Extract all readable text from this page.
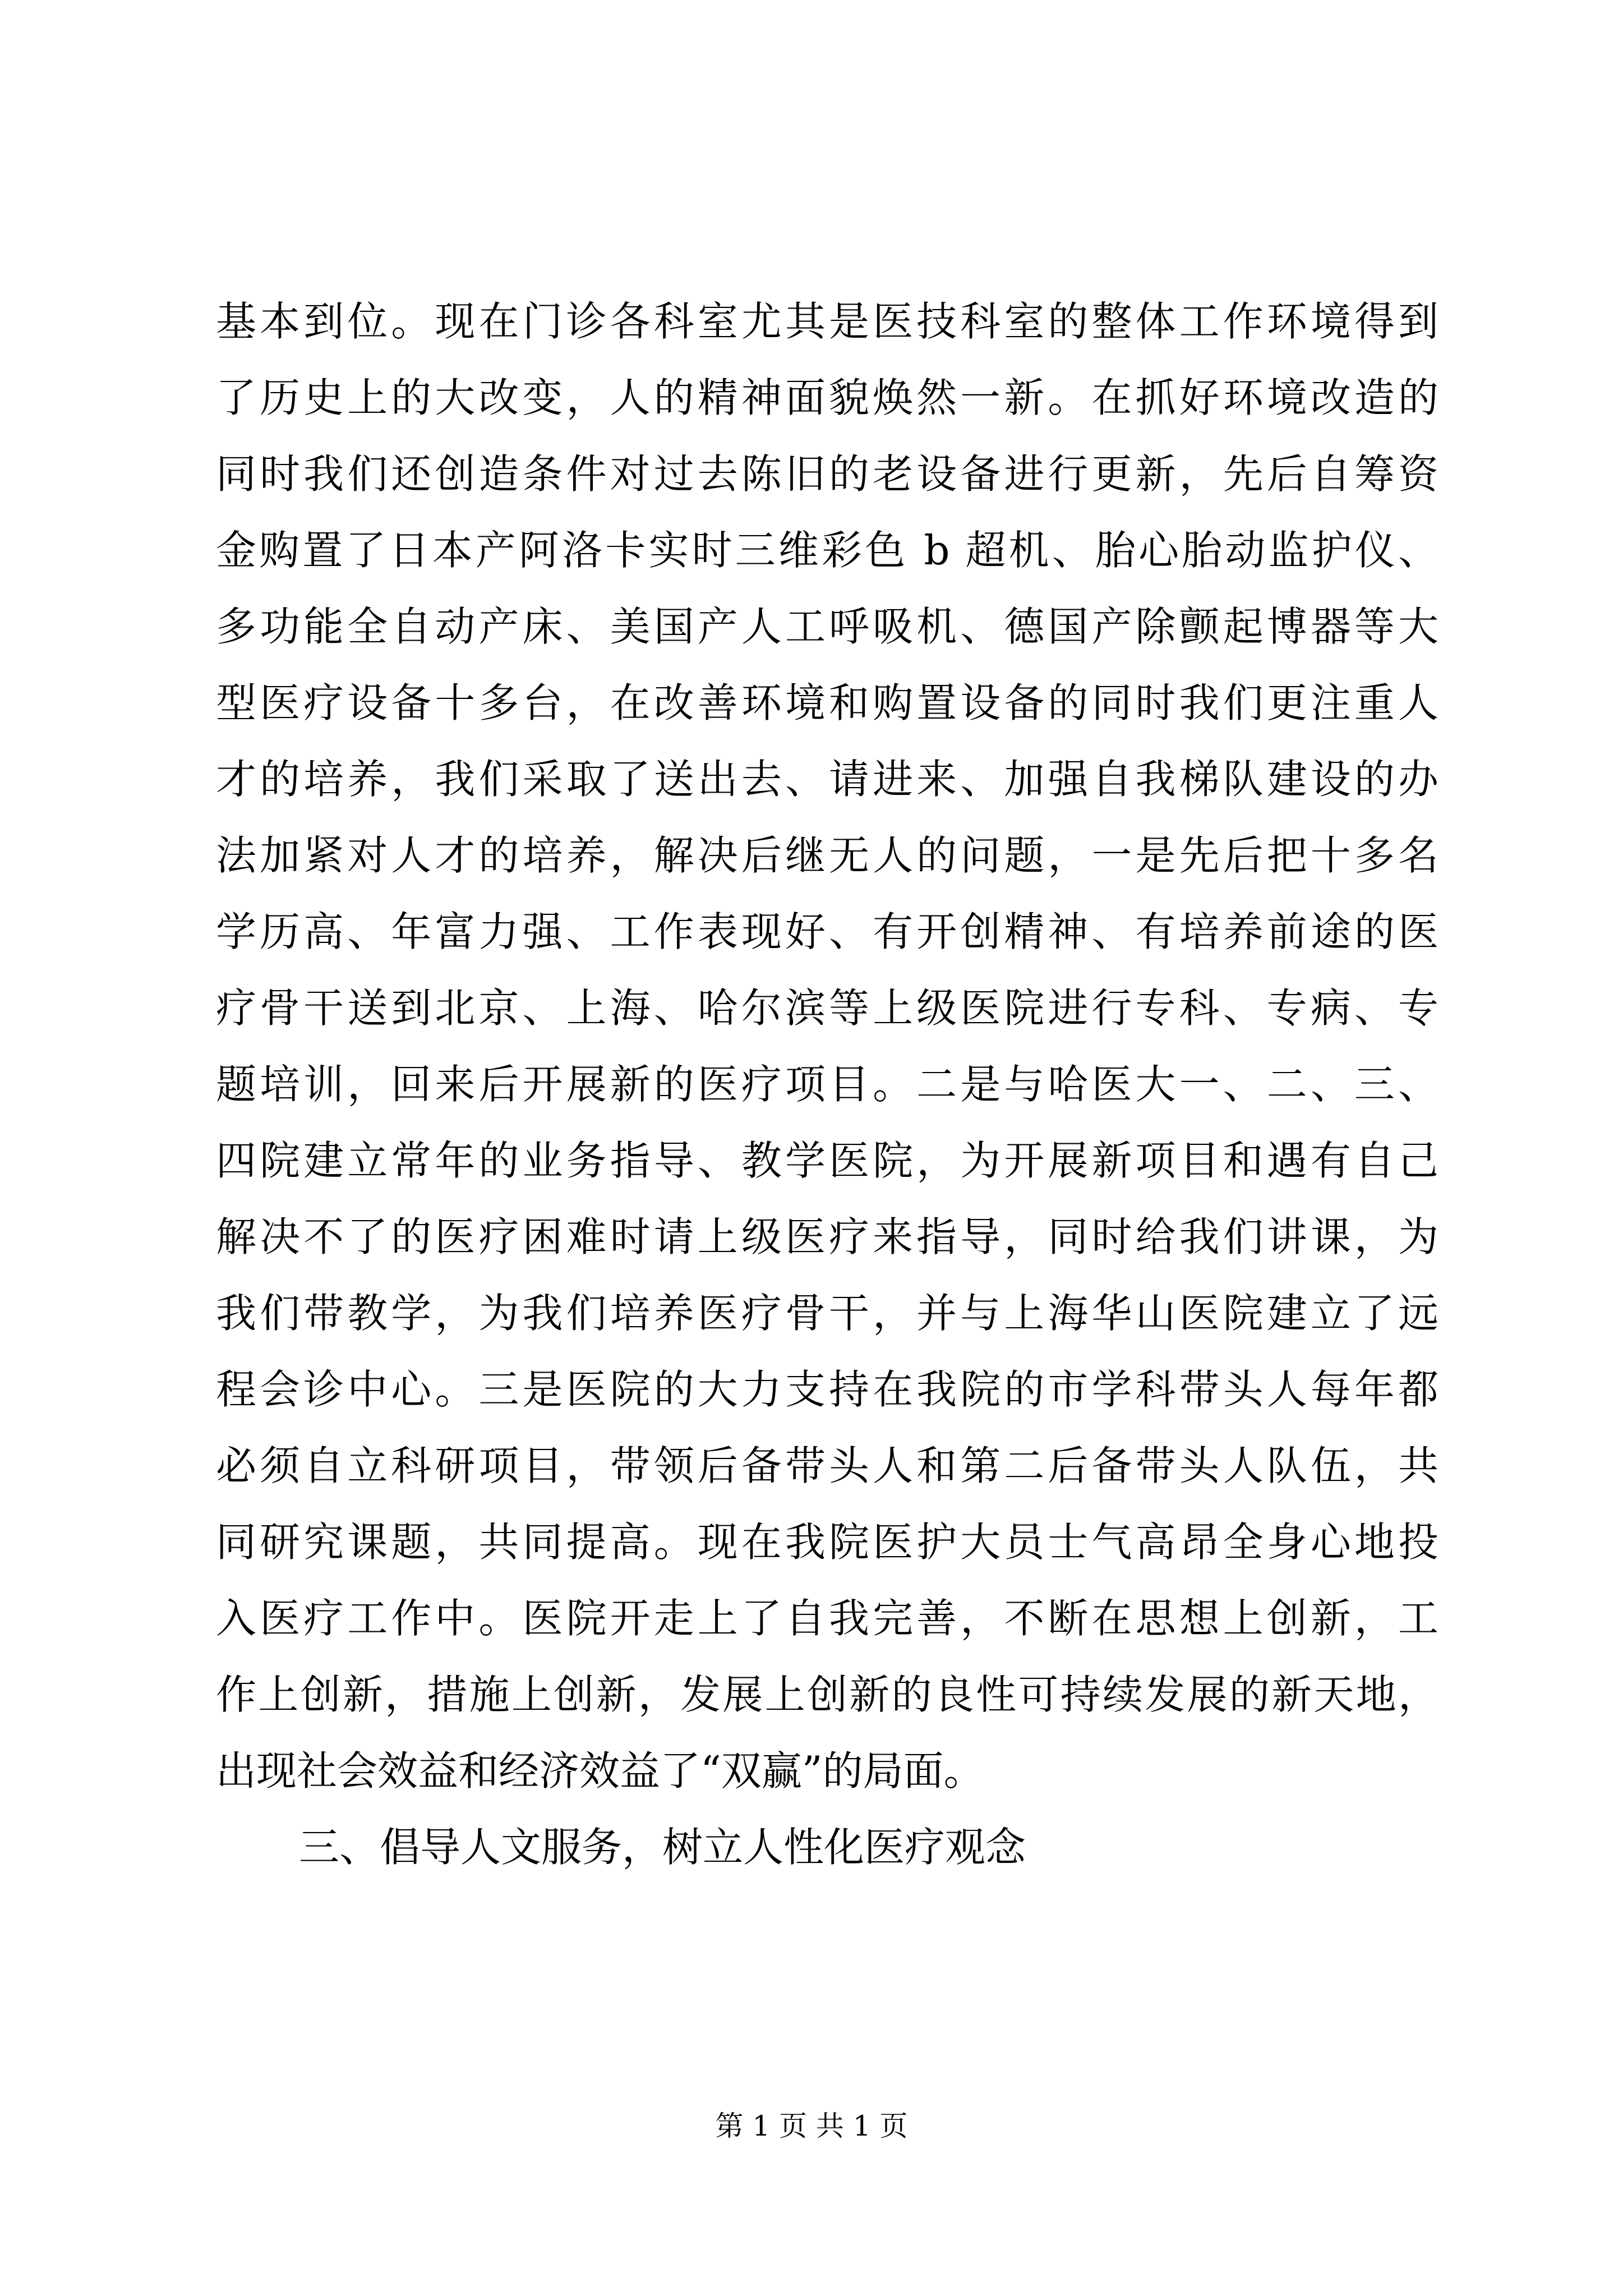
基本到位。现在门诊各科室尤其是医技科室的整体工作环境得到
了历史上的大改变，人的精神面貌焕然一新。在抓好环境改造的
同时我们还创造条件对过去陈旧的老设备进行更新，先后自筹资
金购置了日本产阿洛卡实时三维彩色 b 超机、胎心胎动监护仪、
多功能全自动产床、美国产人工呼吸机、德国产除颤起博器等大
型医疗设备十多台，在改善环境和购置设备的同时我们更注重人
才的培养，我们采取了送出去、请进来、加强自我梯队建设的办
法加紧对人才的培养，解决后继无人的问题，一是先后把十多名
学历高、年富力强、工作表现好、有开创精神、有培养前途的医
疗骨干送到北京、上海、哈尔滨等上级医院进行专科、专病、专
题培训，回来后开展新的医疗项目。二是与哈医大一、二、三、
四院建立常年的业务指导、教学医院，为开展新项目和遇有自己
解决不了的医疗困难时请上级医疗来指导，同时给我们讲课，为
我们带教学，为我们培养医疗骨干，并与上海华山医院建立了远
程会诊中心。三是医院的大力支持在我院的市学科带头人每年都
必须自立科研项目，带领后备带头人和第二后备带头人队伍，共
同研究课题，共同提高。现在我院医护大员士气高昂全身心地投
入医疗工作中。医院开走上了自我完善，不断在思想上创新，工
作上创新，措施上创新，发展上创新的良性可持续发展的新天地，
出现社会效益和经济效益了“双赢”的局面。
三、倡导人文服务，树立人性化医疗观念
第 1 页 共 1 页
